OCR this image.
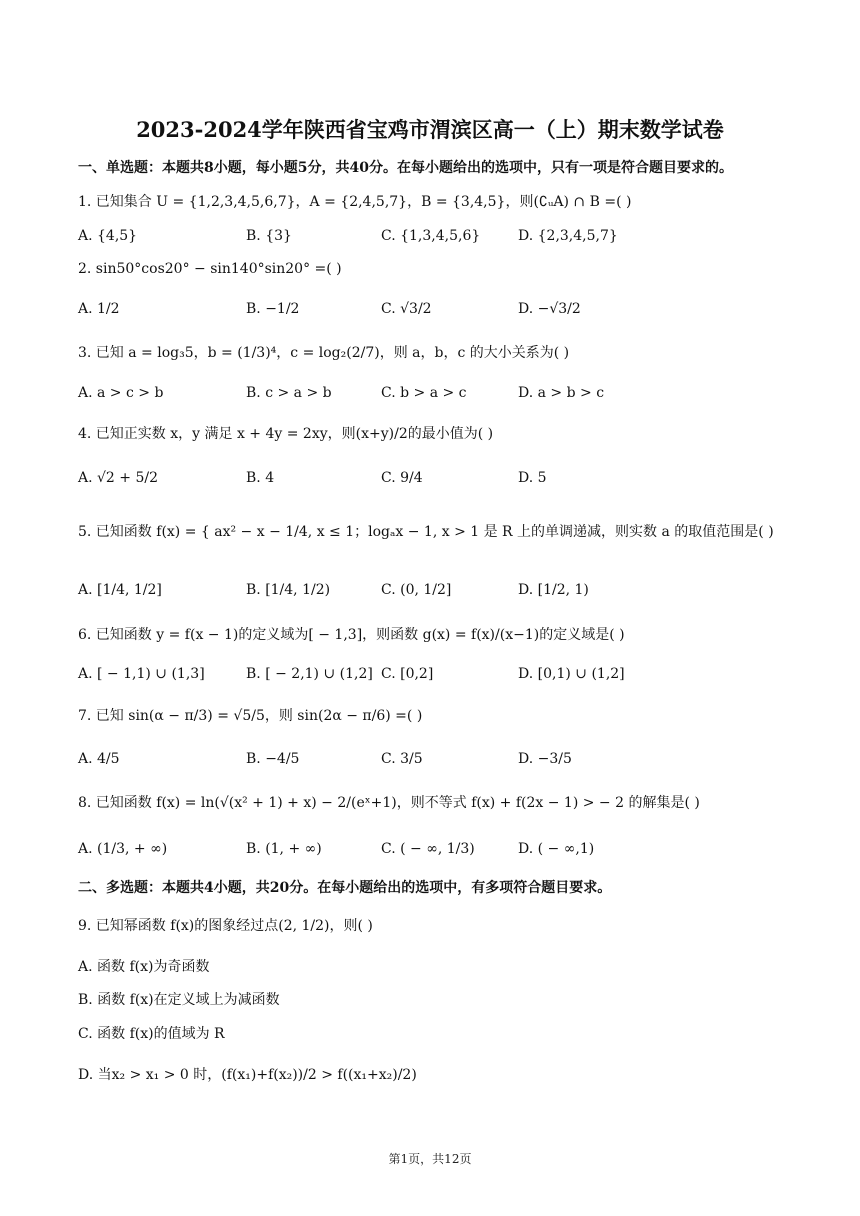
2023-2024学年陕西省宝鸡市渭滨区高一（上）期末数学试卷
一、单选题：本题共8小题，每小题5分，共40分。在每小题给出的选项中，只有一项是符合题目要求的。
1. 已知集合 U = {1,2,3,4,5,6,7}，A = {2,4,5,7}，B = {3,4,5}，则(∁ᵤA) ∩ B =( )
A. {4,5}	B. {3}	C. {1,3,4,5,6}	D. {2,3,4,5,7}
2. sin50°cos20° − sin140°sin20° =( )
A. 1/2	B. −1/2	C. √3/2	D. −√3/2
3. 已知 a = log₃5，b = (1/3)⁴，c = log₂(2/7)，则 a，b，c 的大小关系为( )
A. a > c > b	B. c > a > b	C. b > a > c	D. a > b > c
4. 已知正实数 x，y 满足 x + 4y = 2xy，则(x+y)/2的最小值为( )
A. √2 + 5/2	B. 4	C. 9/4	D. 5
5. 已知函数 f(x) = { ax² − x − 1/4, x ≤ 1；logₐx − 1, x > 1 是 R 上的单调递减，则实数 a 的取值范围是( )
A. [1/4, 1/2]	B. [1/4, 1/2)	C. (0, 1/2]	D. [1/2, 1)
6. 已知函数 y = f(x − 1)的定义域为[ − 1,3]，则函数 g(x) = f(x)/(x−1)的定义域是( )
A. [ − 1,1) ∪ (1,3]	B. [ − 2,1) ∪ (1,2] C. [0,2]	D. [0,1) ∪ (1,2]
7. 已知 sin(α − π/3) = √5/5，则 sin(2α − π/6) =( )
A. 4/5	B. −4/5	C. 3/5	D. −3/5
8. 已知函数 f(x) = ln(√(x² + 1) + x) − 2/(eˣ+1)，则不等式 f(x) + f(2x − 1) > − 2 的解集是( )
A. (1/3, + ∞)	B. (1, + ∞)	C. ( − ∞, 1/3)	D. ( − ∞,1)
二、多选题：本题共4小题，共20分。在每小题给出的选项中，有多项符合题目要求。
9. 已知幂函数 f(x)的图象经过点(2, 1/2)，则( )
A. 函数 f(x)为奇函数
B. 函数 f(x)在定义域上为减函数
C. 函数 f(x)的值域为 R
D. 当x₂ > x₁ > 0 时，(f(x₁)+f(x₂))/2 > f((x₁+x₂)/2)
第1页，共12页
